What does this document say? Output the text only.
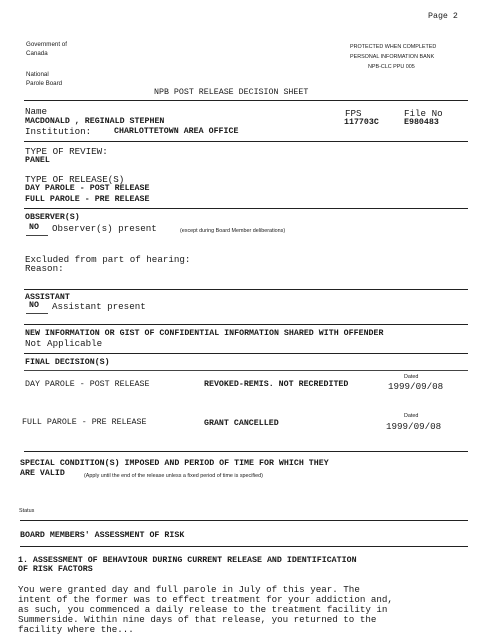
Page 2
Government of
Canada
National
Parole Board
PROTECTED WHEN COMPLETED
PERSONAL INFORMATION BANK
NPB-CLC PPU 005
NPB POST RELEASE DECISION SHEET
Name
MACDONALD , REGINALD STEPHEN
Institution:	CHARLOTTETOWN AREA OFFICE
FPS
117703C
File No
E980483
TYPE OF REVIEW:
PANEL
TYPE OF RELEASE(S)
DAY PAROLE - POST RELEASE
FULL PAROLE - PRE RELEASE
OBSERVER(S)
NO Observer(s) present	(except during Board Member deliberations)
Excluded from part of hearing:
Reason:
ASSISTANT
NO Assistant present
NEW INFORMATION OR GIST OF CONFIDENTIAL INFORMATION SHARED WITH OFFENDER
Not Applicable
FINAL DECISION(S)
DAY PAROLE - POST RELEASE	REVOKED-REMIS. NOT RECREDITED
Dated
1999/09/08
FULL PAROLE - PRE RELEASE	GRANT CANCELLED
Dated
1999/09/08
SPECIAL CONDITION(S) IMPOSED AND PERIOD OF TIME FOR WHICH THEY
ARE VALID	(Apply until the end of the release unless a fixed period of time is specified)
Status
BOARD MEMBERS' ASSESSMENT OF RISK
1. ASSESSMENT OF BEHAVIOUR DURING CURRENT RELEASE AND IDENTIFICATION
OF RISK FACTORS
You were granted day and full parole in July of this year. The
intent of the former was to effect treatment for your addiction and,
as such, you commenced a daily release to the treatment facility in
Summerside. Within nine days of that release, you returned to the
facility where the...
